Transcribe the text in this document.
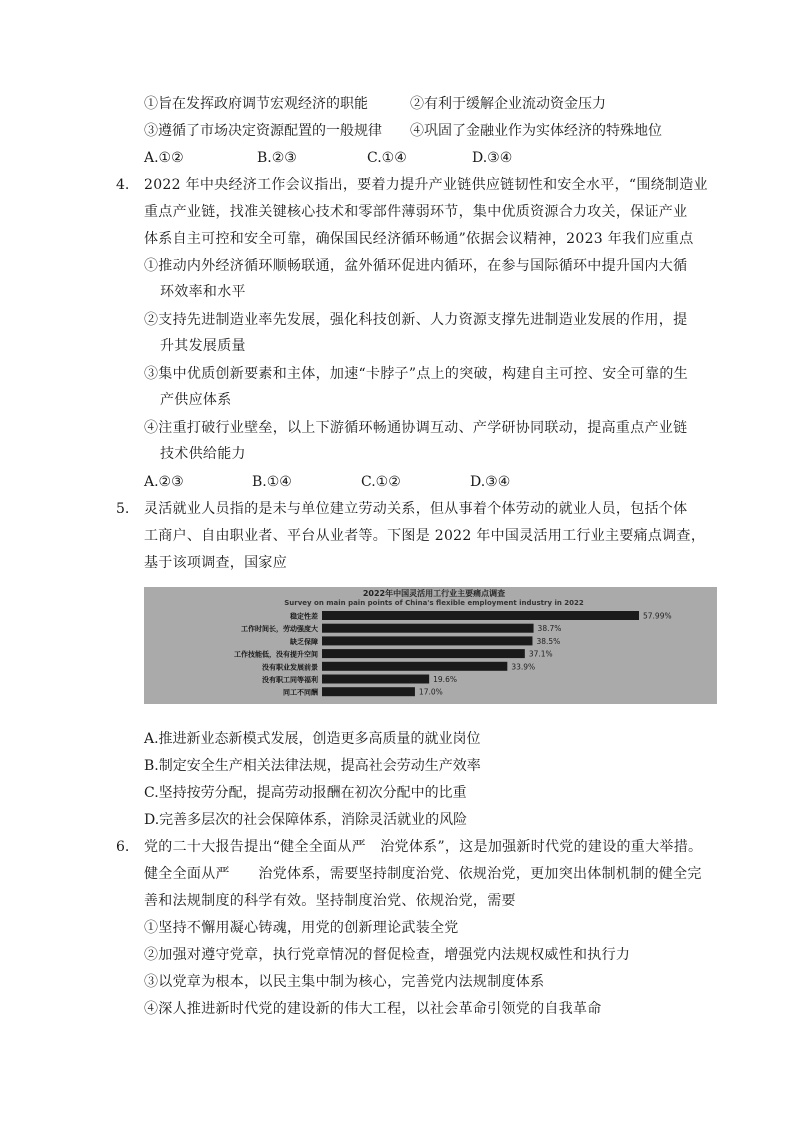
①旨在发挥政府调节宏观经济的职能	②有利于缓解企业流动资金压力
③遵循了市场决定资源配置的一般规律 ④巩固了金融业作为实体经济的特殊地位
A.①②	B.②③	C.①④	D.③④
4. 2022 年中央经济工作会议指出，要着力提升产业链供应链韧性和安全水平，“围绕制造业
重点产业链，找准关键核心技术和零部件薄弱环节，集中优质资源合力攻关，保证产业
体系自主可控和安全可靠，确保国民经济循环畅通”依据会议精神，2023 年我们应重点
①推动内外经济循环顺畅联通，盆外循环促进内循环，在参与国际循环中提升国内大循
环效率和水平
②支持先进制造业率先发展，强化科技创新、人力资源支撑先进制造业发展的作用，提
升其发展质量
③集中优质创新要素和主体，加速“卡脖子”点上的突破，构建自主可控、安全可靠的生
产供应体系
④注重打破行业壁垒，以上下游循环畅通协调互动、产学研协同联动，提高重点产业链
技术供给能力
A.②③	B.①④	C.①②	D.③④
5. 灵活就业人员指的是未与单位建立劳动关系，但从事着个体劳动的就业人员，包括个体
工商户、自由职业者、平台从业者等。下图是 2022 年中国灵活用工行业主要痛点调查，
基于该项调查，国家应
2022年中国灵活用工行业主要痛点调查
Survey on main pain points of China's flexible employment industry in 2022
稳定性差	57.99%
工作时间长，劳动强度大	38.7%
缺乏保障	38.5%
工作技能低，没有提升空间	37.1%
没有职业发展前景	33.9%
没有职工同等福利	19.6%
同工不同酬	17.0%
A.推进新业态新模式发展，创造更多高质量的就业岗位
B.制定安全生产相关法律法规，提高社会劳动生产效率
C.坚持按劳分配，提高劳动报酬在初次分配中的比重
D.完善多层次的社会保障体系，消除灵活就业的风险
6. 党的二十大报告提出“健全全面从严　治党体系”，这是加强新时代党的建设的重大举措。
健全全面从严　　治党体系，需要坚持制度治党、依规治党，更加突出体制机制的健全完
善和法规制度的科学有效。坚持制度治党、依规治党，需要
①坚持不懈用凝心铸魂，用党的创新理论武装全党
②加强对遵守党章，执行党章情况的督促检查，增强党内法规权威性和执行力
③以党章为根本，以民主集中制为核心，完善党内法规制度体系
④深人推进新时代党的建设新的伟大工程，以社会革命引领党的自我革命
